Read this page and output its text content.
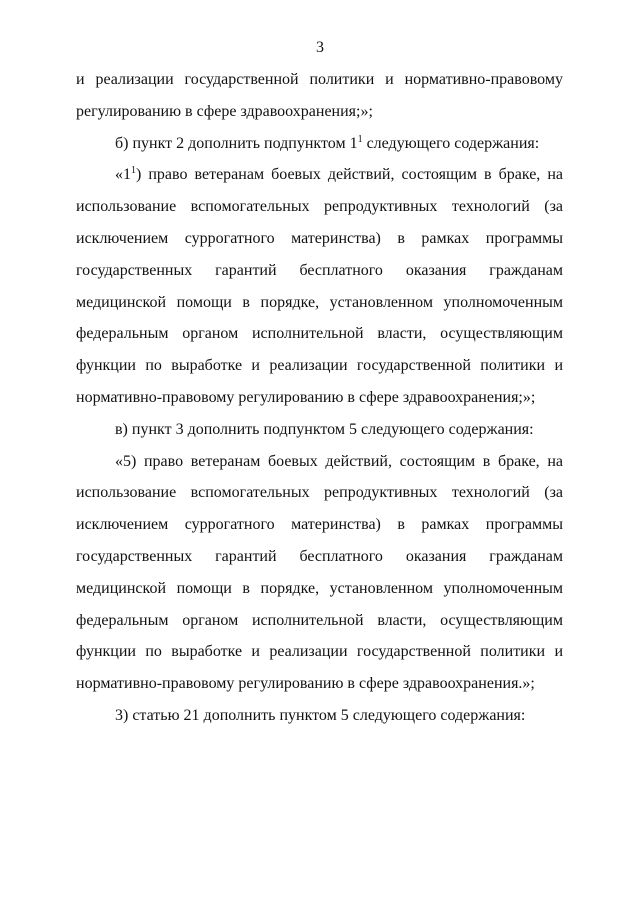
3

и реализации государственной политики и нормативно-правовому регулированию в сфере здравоохранения;»;

б) пункт 2 дополнить подпунктом $1^1$ следующего содержания:

«$1^1$) право ветеранам боевых действий, состоящим в браке, на использование вспомогательных репродуктивных технологий (за исключением суррогатного материнства) в рамках программы государственных гарантий бесплатного оказания гражданам медицинской помощи в порядке, установленном уполномоченным федеральным органом исполнительной власти, осуществляющим функции по выработке и реализации государственной политики и нормативно-правовому регулированию в сфере здравоохранения;»;

в) пункт 3 дополнить подпунктом 5 следующего содержания:

«5) право ветеранам боевых действий, состоящим в браке, на использование вспомогательных репродуктивных технологий (за исключением суррогатного материнства) в рамках программы государственных гарантий бесплатного оказания гражданам медицинской помощи в порядке, установленном уполномоченным федеральным органом исполнительной власти, осуществляющим функции по выработке и реализации государственной политики и нормативно-правовому регулированию в сфере здравоохранения.»;

3) статью 21 дополнить пунктом 5 следующего содержания:
